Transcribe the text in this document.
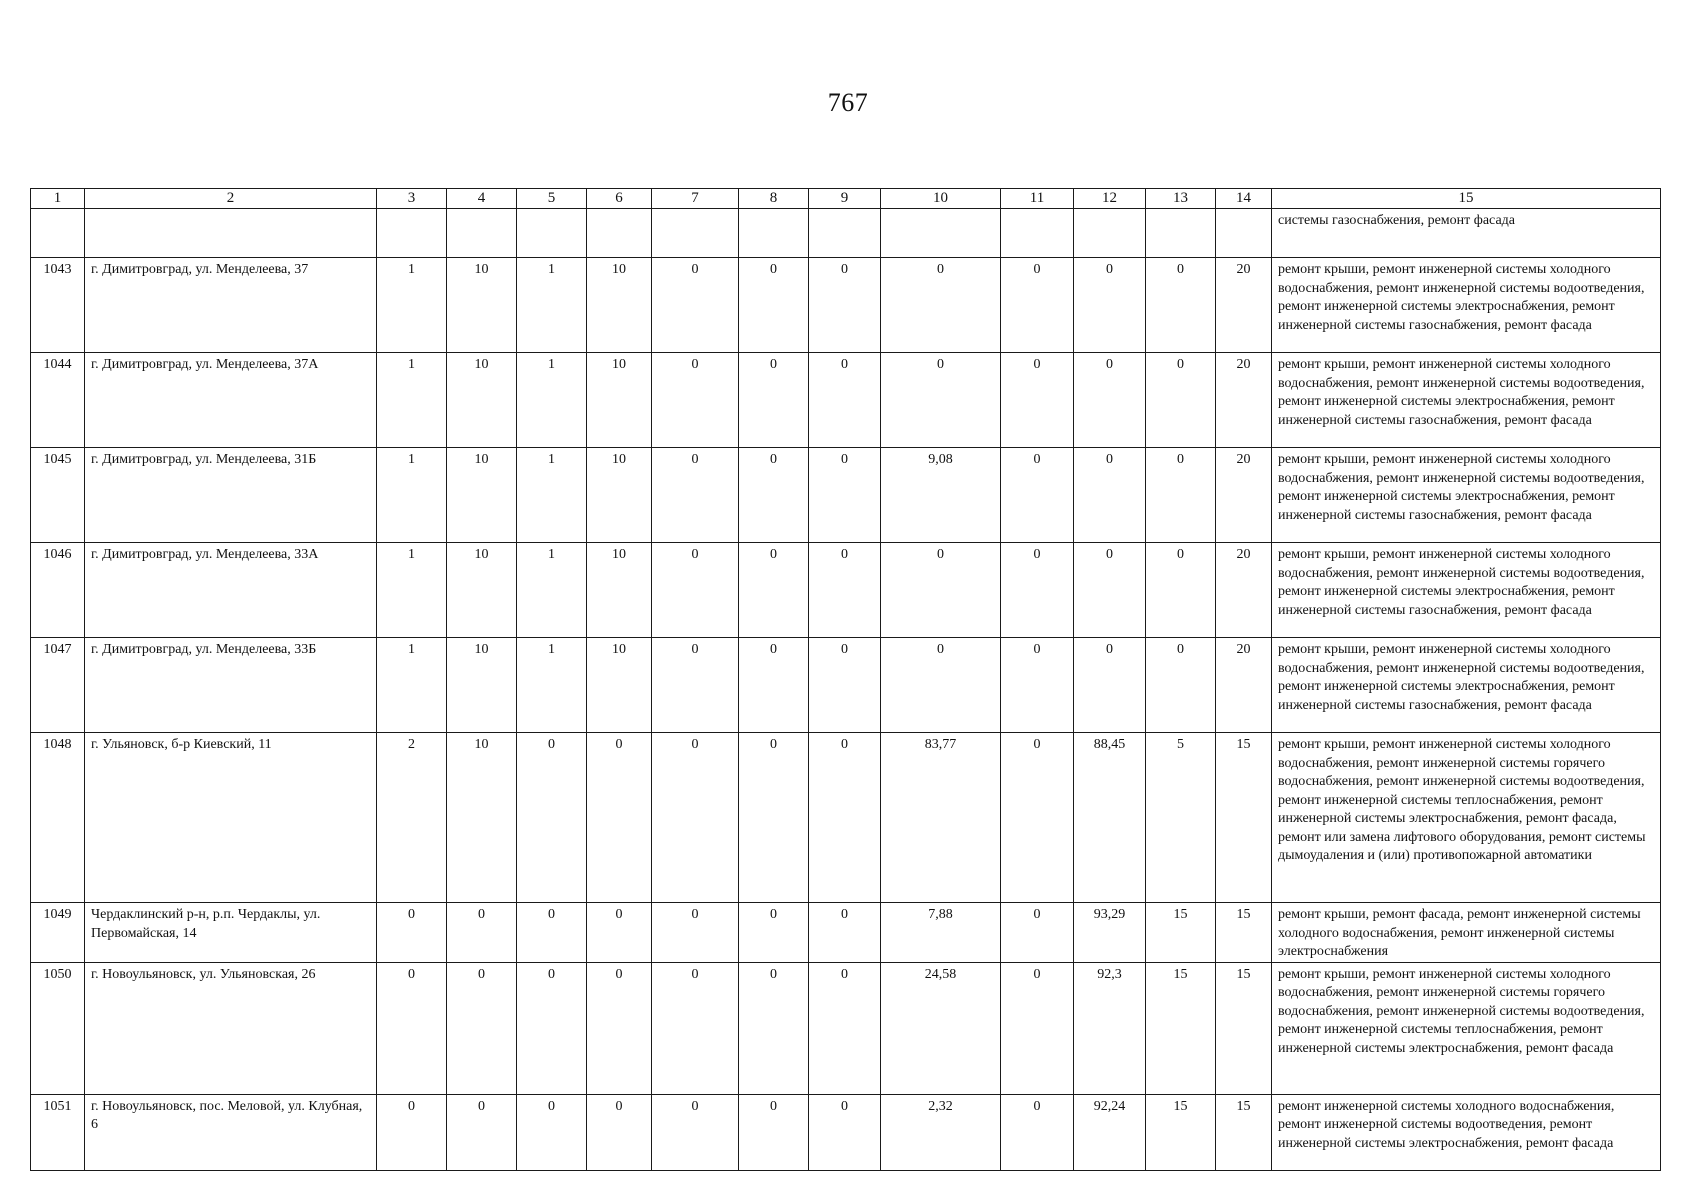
767
1	2	3	4	5	6	7	8	9	10	11	12	13	14	15
														системы газоснабжения, ремонт фасада
1043	г. Димитровград, ул. Менделеева, 37	1	10	1	10	0	0	0	0	0	0	0	20	ремонт крыши, ремонт инженерной системы холодного водоснабжения, ремонт инженерной системы водоотведения, ремонт инженерной системы электроснабжения, ремонт инженерной системы газоснабжения, ремонт фасада
1044	г. Димитровград, ул. Менделеева, 37А	1	10	1	10	0	0	0	0	0	0	0	20	ремонт крыши, ремонт инженерной системы холодного водоснабжения, ремонт инженерной системы водоотведения, ремонт инженерной системы электроснабжения, ремонт инженерной системы газоснабжения, ремонт фасада
1045	г. Димитровград, ул. Менделеева, 31Б	1	10	1	10	0	0	0	9,08	0	0	0	20	ремонт крыши, ремонт инженерной системы холодного водоснабжения, ремонт инженерной системы водоотведения, ремонт инженерной системы электроснабжения, ремонт инженерной системы газоснабжения, ремонт фасада
1046	г. Димитровград, ул. Менделеева, 33А	1	10	1	10	0	0	0	0	0	0	0	20	ремонт крыши, ремонт инженерной системы холодного водоснабжения, ремонт инженерной системы водоотведения, ремонт инженерной системы электроснабжения, ремонт инженерной системы газоснабжения, ремонт фасада
1047	г. Димитровград, ул. Менделеева, 33Б	1	10	1	10	0	0	0	0	0	0	0	20	ремонт крыши, ремонт инженерной системы холодного водоснабжения, ремонт инженерной системы водоотведения, ремонт инженерной системы электроснабжения, ремонт инженерной системы газоснабжения, ремонт фасада
1048	г. Ульяновск, б-р Киевский, 11	2	10	0	0	0	0	0	83,77	0	88,45	5	15	ремонт крыши, ремонт инженерной системы холодного водоснабжения, ремонт инженерной системы горячего водоснабжения, ремонт инженерной системы водоотведения, ремонт инженерной системы теплоснабжения, ремонт инженерной системы электроснабжения, ремонт фасада, ремонт или замена лифтового оборудования, ремонт системы дымоудаления и (или) противопожарной автоматики
1049	Чердаклинский р-н, р.п. Чердаклы, ул. Первомайская, 14	0	0	0	0	0	0	0	7,88	0	93,29	15	15	ремонт крыши, ремонт фасада, ремонт инженерной системы холодного водоснабжения, ремонт инженерной системы электроснабжения
1050	г. Новоульяновск, ул. Ульяновская, 26	0	0	0	0	0	0	0	24,58	0	92,3	15	15	ремонт крыши, ремонт инженерной системы холодного водоснабжения, ремонт инженерной системы горячего водоснабжения, ремонт инженерной системы водоотведения, ремонт инженерной системы теплоснабжения, ремонт инженерной системы электроснабжения, ремонт фасада
1051	г. Новоульяновск, пос. Меловой, ул. Клубная, 6	0	0	0	0	0	0	0	2,32	0	92,24	15	15	ремонт инженерной системы холодного водоснабжения, ремонт инженерной системы водоотведения, ремонт инженерной системы электроснабжения, ремонт фасада
